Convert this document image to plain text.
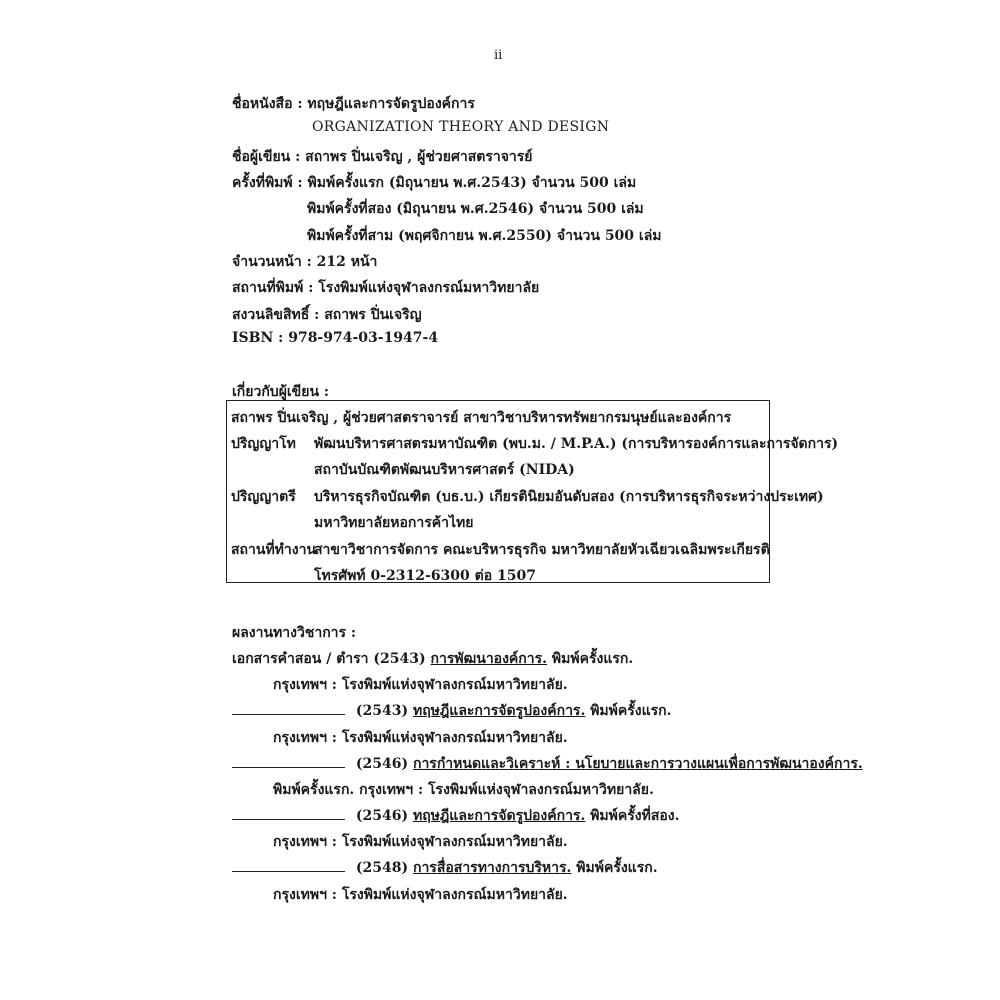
ii
ชื่อหนังสือ : ทฤษฎีและการจัดรูปองค์การ
ORGANIZATION THEORY AND DESIGN
ชื่อผู้เขียน : สถาพร ปิ่นเจริญ , ผู้ช่วยศาสตราจารย์
ครั้งที่พิมพ์ : พิมพ์ครั้งแรก (มิถุนายน พ.ศ.2543) จำนวน 500 เล่ม
พิมพ์ครั้งที่สอง (มิถุนายน พ.ศ.2546) จำนวน 500 เล่ม
พิมพ์ครั้งที่สาม (พฤศจิกายน พ.ศ.2550) จำนวน 500 เล่ม
จำนวนหน้า : 212 หน้า
สถานที่พิมพ์ : โรงพิมพ์แห่งจุฬาลงกรณ์มหาวิทยาลัย
สงวนลิขสิทธิ์ : สถาพร ปิ่นเจริญ
ISBN : 978-974-03-1947-4
เกี่ยวกับผู้เขียน :
สถาพร ปิ่นเจริญ , ผู้ช่วยศาสตราจารย์ สาขาวิชาบริหารทรัพยากรมนุษย์และองค์การ
ปริญญาโท พัฒนบริหารศาสตรมหาบัณฑิต (พบ.ม. / M.P.A.) (การบริหารองค์การและการจัดการ)
สถาบันบัณฑิตพัฒนบริหารศาสตร์ (NIDA)
ปริญญาตรี บริหารธุรกิจบัณฑิต (บธ.บ.) เกียรตินิยมอันดับสอง (การบริหารธุรกิจระหว่างประเทศ)
มหาวิทยาลัยหอการค้าไทย
สถานที่ทำงาน
สาขาวิชาการจัดการ คณะบริหารธุรกิจ มหาวิทยาลัยหัวเฉียวเฉลิมพระเกียรติ
โทรศัพท์ 0-2312-6300 ต่อ 1507
ผลงานทางวิชาการ :
เอกสารคำสอน / ตำรา (2543) การพัฒนาองค์การ. พิมพ์ครั้งแรก.
กรุงเทพฯ : โรงพิมพ์แห่งจุฬาลงกรณ์มหาวิทยาลัย.
(2543) ทฤษฎีและการจัดรูปองค์การ. พิมพ์ครั้งแรก.
กรุงเทพฯ : โรงพิมพ์แห่งจุฬาลงกรณ์มหาวิทยาลัย.
(2546) การกำหนดและวิเคราะห์ : นโยบายและการวางแผนเพื่อการพัฒนาองค์การ.
พิมพ์ครั้งแรก. กรุงเทพฯ : โรงพิมพ์แห่งจุฬาลงกรณ์มหาวิทยาลัย.
(2546) ทฤษฎีและการจัดรูปองค์การ. พิมพ์ครั้งที่สอง.
กรุงเทพฯ : โรงพิมพ์แห่งจุฬาลงกรณ์มหาวิทยาลัย.
(2548) การสื่อสารทางการบริหาร. พิมพ์ครั้งแรก.
กรุงเทพฯ : โรงพิมพ์แห่งจุฬาลงกรณ์มหาวิทยาลัย.
